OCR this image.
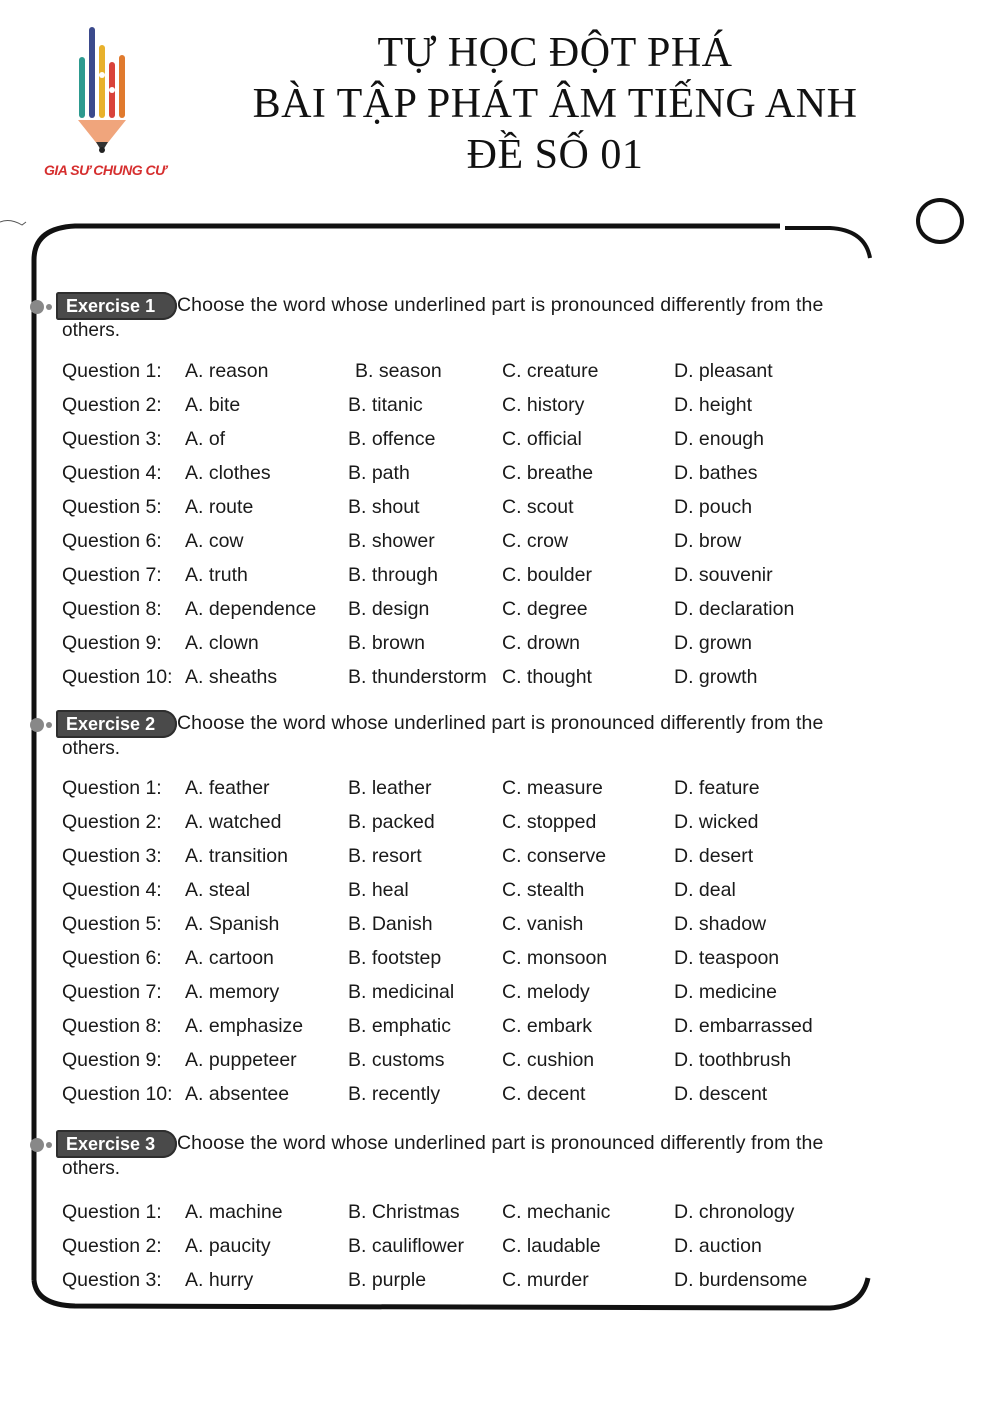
GIA SƯ CHUNG CƯ
TỰ HỌC ĐỘT PHÁ
BÀI TẬP PHÁT ÂM TIẾNG ANH
ĐỀ SỐ 01
Exercise 1	Choose the word whose underlined part is pronounced differently from the
others.
Question 1: A. reason	B. season	C. creature	D. pleasant
Question 2: A. bite	B. titanic	C. history	D. height
Question 3: A. of	B. offence	C. official	D. enough
Question 4: A. clothes	B. path	C. breathe	D. bathes
Question 5: A. route	B. shout	C. scout	D. pouch
Question 6: A. cow	B. shower	C. crow	D. brow
Question 7: A. truth	B. through	C. boulder	D. souvenir
Question 8: A. dependence B. design	C. degree	D. declaration
Question 9: A. clown	B. brown	C. drown	D. grown
Question 10: A. sheaths	B. thunderstorm C. thought	D. growth
Exercise 2	Choose the word whose underlined part is pronounced differently from the
others.
Question 1: A. feather	B. leather	C. measure	D. feature
Question 2: A. watched	B. packed	C. stopped	D. wicked
Question 3: A. transition	B. resort	C. conserve	D. desert
Question 4: A. steal	B. heal	C. stealth	D. deal
Question 5: A. Spanish	B. Danish	C. vanish	D. shadow
Question 6: A. cartoon	B. footstep	C. monsoon	D. teaspoon
Question 7: A. memory	B. medicinal C. melody	D. medicine
Question 8: A. emphasize B. emphatic	C. embark	D. embarrassed
Question 9: A. puppeteer	B. customs	C. cushion	D. toothbrush
Question 10: A. absentee	B. recently	C. decent	D. descent
Exercise 3	Choose the word whose underlined part is pronounced differently from the
others.
Question 1: A. machine	B. Christmas C. mechanic	D. chronology
Question 2: A. paucity	B. cauliflower C. laudable	D. auction
Question 3: A. hurry	B. purple	C. murder	D. burdensome
